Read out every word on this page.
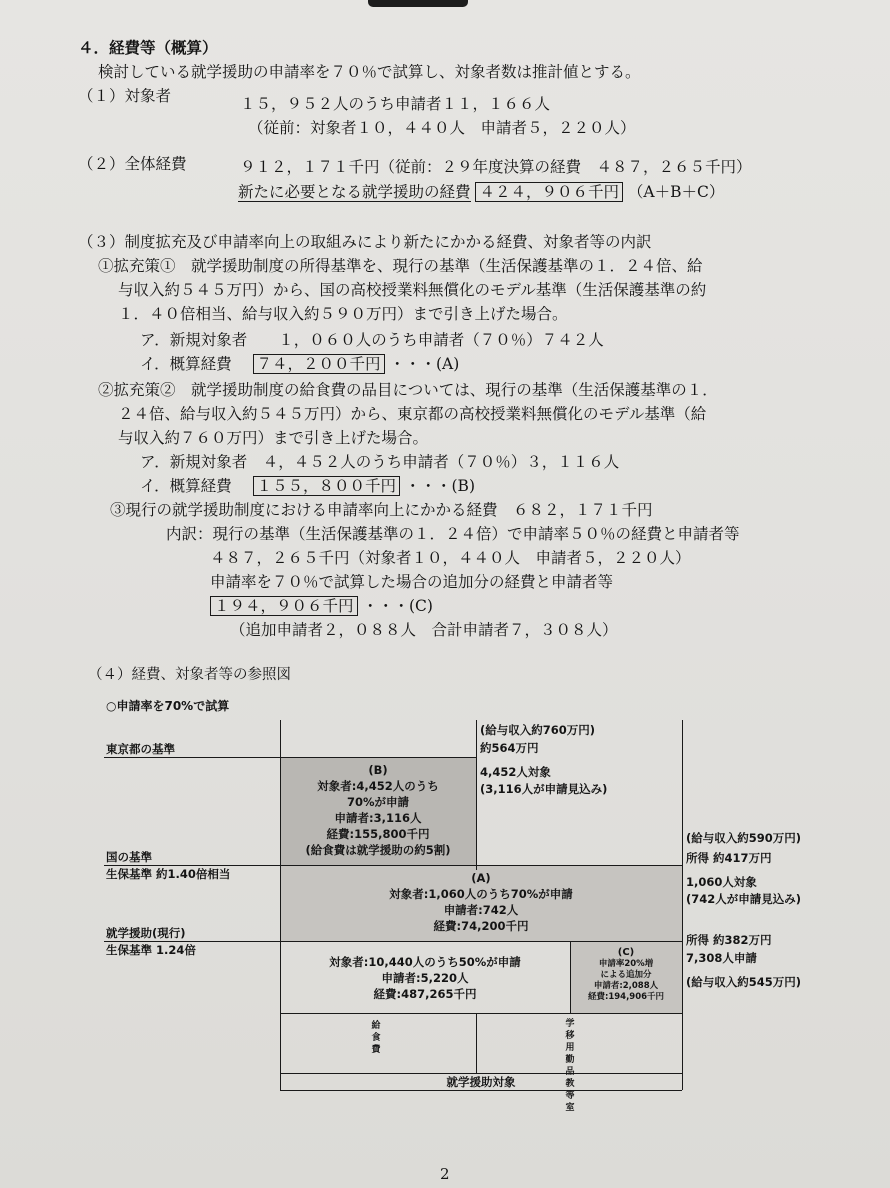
４．経費等（概算）
検討している就学援助の申請率を７０％で試算し、対象者数は推計値とする。
（１）対象者	１５，９５２人のうち申請者１１，１６６人
（従前：対象者１０，４４０人　申請者５，２２０人）
（２）全体経費	９１２，１７１千円（従前：２９年度決算の経費　４８７，２６５千円）
新たに必要となる就学援助の経費 ４２４，９０６千円 （A＋B＋C）
（３）制度拡充及び申請率向上の取組みにより新たにかかる経費、対象者等の内訳
①拡充策①　就学援助制度の所得基準を、現行の基準（生活保護基準の１．２４倍、給
与収入約５４５万円）から、国の高校授業料無償化のモデル基準（生活保護基準の約
１．４０倍相当、給与収入約５９０万円）まで引き上げた場合。
ア．新規対象者　　１，０６０人のうち申請者（７０％）７４２人
イ．概算経費 ７４，２００千円 ・・・(A)
②拡充策②　就学援助制度の給食費の品目については、現行の基準（生活保護基準の１．
２４倍、給与収入約５４５万円）から、東京都の高校授業料無償化のモデル基準（給
与収入約７６０万円）まで引き上げた場合。
ア．新規対象者　４，４５２人のうち申請者（７０％）３，１１６人
イ．概算経費 １５５，８００千円 ・・・(B)
③現行の就学援助制度における申請率向上にかかる経費　６８２，１７１千円
内訳：現行の基準（生活保護基準の１．２４倍）で申請率５０％の経費と申請者等
４８７，２６５千円（対象者１０，４４０人　申請者５，２２０人）
申請率を７０％で試算した場合の追加分の経費と申請者等
１９４，９０６千円 ・・・(C)
（追加申請者２，０８８人　合計申請者７，３０８人）
（４）経費、対象者等の参照図
○申請率を70%で試算
東京都の基準
国の基準
生保基準 約1.40倍相当
就学援助(現行)
生保基準 1.24倍
(給与収入約760万円)
約564万円
4,452人対象
(3,116人が申請見込み)
(B)
対象者:4,452人のうち
70%が申請
申請者:3,116人
経費:155,800千円
(給食費は就学援助の約5割)
(A)
対象者:1,060人のうち70%が申請
申請者:742人
経費:74,200千円
対象者:10,440人のうち50%が申請
申請者:5,220人
経費:487,265千円
(C)
申請率20%増
による追加分
申請者:2,088人
経費:194,906千円
(給与収入約590万円)
所得 約417万円
1,060人対象
(742人が申請見込み)
所得 約382万円
7,308人申請
(給与収入約545万円)
給食費
学移用勤品教等室
就学援助対象
2
